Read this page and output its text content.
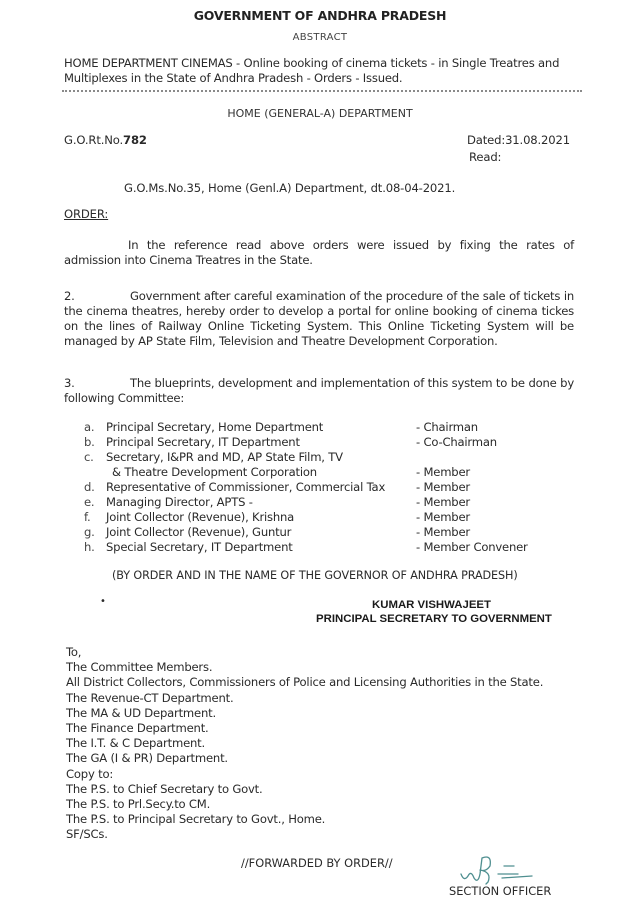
GOVERNMENT OF ANDHRA PRADESH
ABSTRACT
HOME DEPARTMENT CINEMAS - Online booking of cinema tickets - in Single Treatres and Multiplexes in the State of Andhra Pradesh - Orders - Issued.
HOME (GENERAL-A) DEPARTMENT
G.O.Rt.No.782	Dated:31.08.2021
Read:
G.O.Ms.No.35, Home (Genl.A) Department, dt.08-04-2021.
ORDER:
In the reference read above orders were issued by fixing the rates of admission into Cinema Treatres in the State.
2.	Government after careful examination of the procedure of the sale of tickets in the cinema theatres, hereby order to develop a portal for online booking of cinema tickes on the lines of Railway Online Ticketing System. This Online Ticketing System will be managed by AP State Film, Television and Theatre Development Corporation.
3.	The blueprints, development and implementation of this system to be done by following Committee:
a.	Principal Secretary, Home Department	- Chairman
b. Principal Secretary, IT Department	- Co-Chairman
c.	Secretary, I&PR and MD, AP State Film, TV
& Theatre Development Corporation	- Member
d. Representative of Commissioner, Commercial Tax	- Member
e. Managing Director, APTS -	- Member
f.	Joint Collector (Revenue), Krishna	- Member
g. Joint Collector (Revenue), Guntur	- Member
h. Special Secretary, IT Department	- Member Convener
(BY ORDER AND IN THE NAME OF THE GOVERNOR OF ANDHRA PRADESH)
•	KUMAR VISHWAJEET
PRINCIPAL SECRETARY TO GOVERNMENT
To,
The Committee Members.
All District Collectors, Commissioners of Police and Licensing Authorities in the State.
The Revenue-CT Department.
The MA & UD Department.
The Finance Department.
The I.T. & C Department.
The GA (I & PR) Department.
Copy to:
The P.S. to Chief Secretary to Govt.
The P.S. to Prl.Secy.to CM.
The P.S. to Principal Secretary to Govt., Home.
SF/SCs.
//FORWARDED BY ORDER//
SECTION OFFICER
